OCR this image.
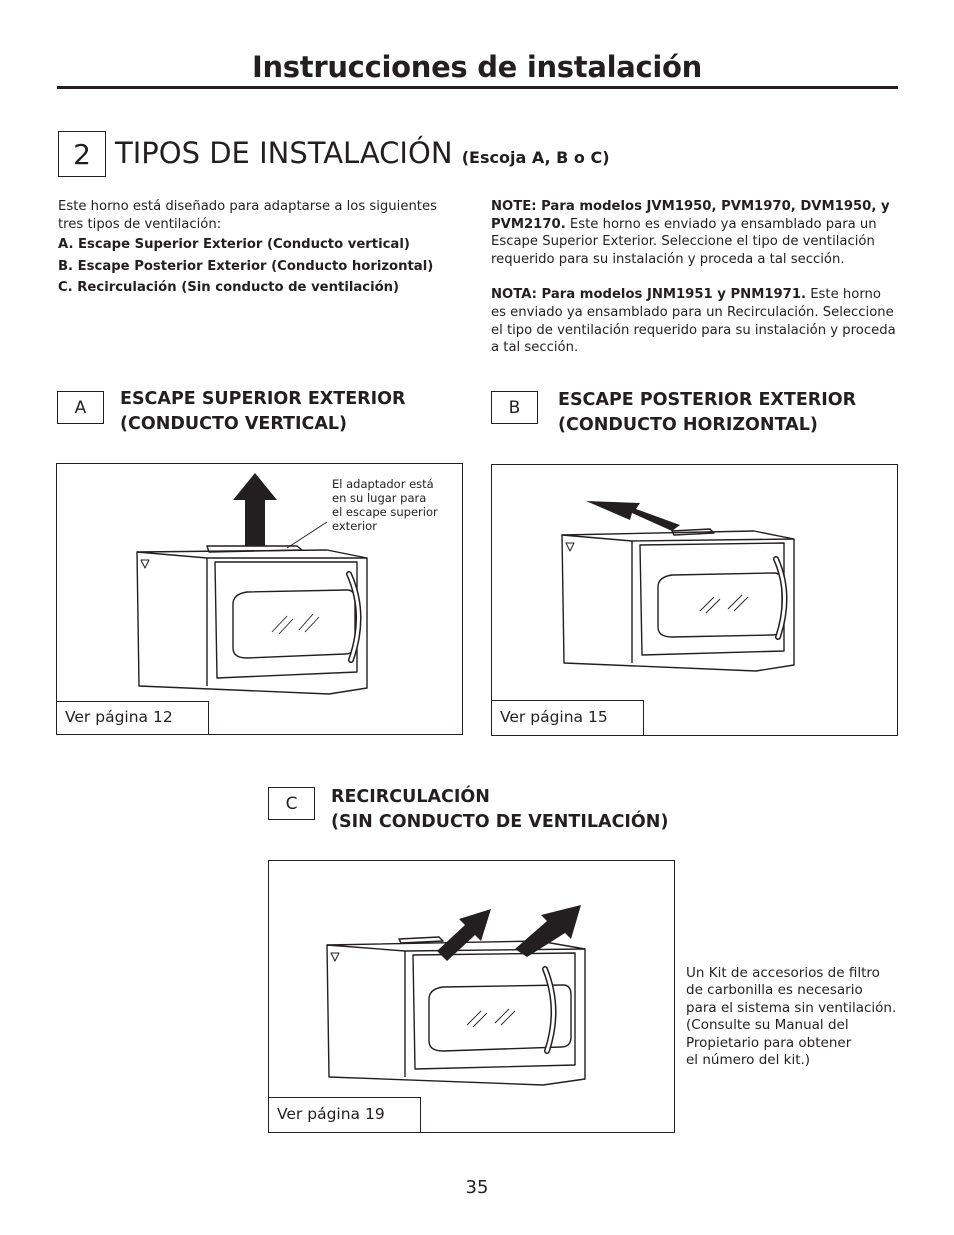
Instrucciones de instalación
2 TIPOS DE INSTALACIÓN (Escoja A, B o C)
Este horno está diseñado para adaptarse a los siguientes tres tipos de ventilación:
A. Escape Superior Exterior (Conducto vertical)
B. Escape Posterior Exterior (Conducto horizontal)
C. Recirculación (Sin conducto de ventilación)
NOTE: Para modelos JVM1950, PVM1970, DVM1950, y PVM2170. Este horno es enviado ya ensamblado para un Escape Superior Exterior. Seleccione el tipo de ventilación requerido para su instalación y proceda a tal sección.
NOTA: Para modelos JNM1951 y PNM1971. Este horno es enviado ya ensamblado para un Recirculación. Seleccione el tipo de ventilación requerido para su instalación y proceda a tal sección.
A ESCAPE SUPERIOR EXTERIOR
(CONDUCTO VERTICAL)
B ESCAPE POSTERIOR EXTERIOR
(CONDUCTO HORIZONTAL)
El adaptador está
en su lugar para
el escape superior
exterior
Ver página 12	Ver página 15
C RECIRCULACIÓN
(SIN CONDUCTO DE VENTILACIÓN)
Ver página 19
Un Kit de accesorios de filtro
de carbonilla es necesario
para el sistema sin ventilación.
(Consulte su Manual del
Propietario para obtener
el número del kit.)
35
